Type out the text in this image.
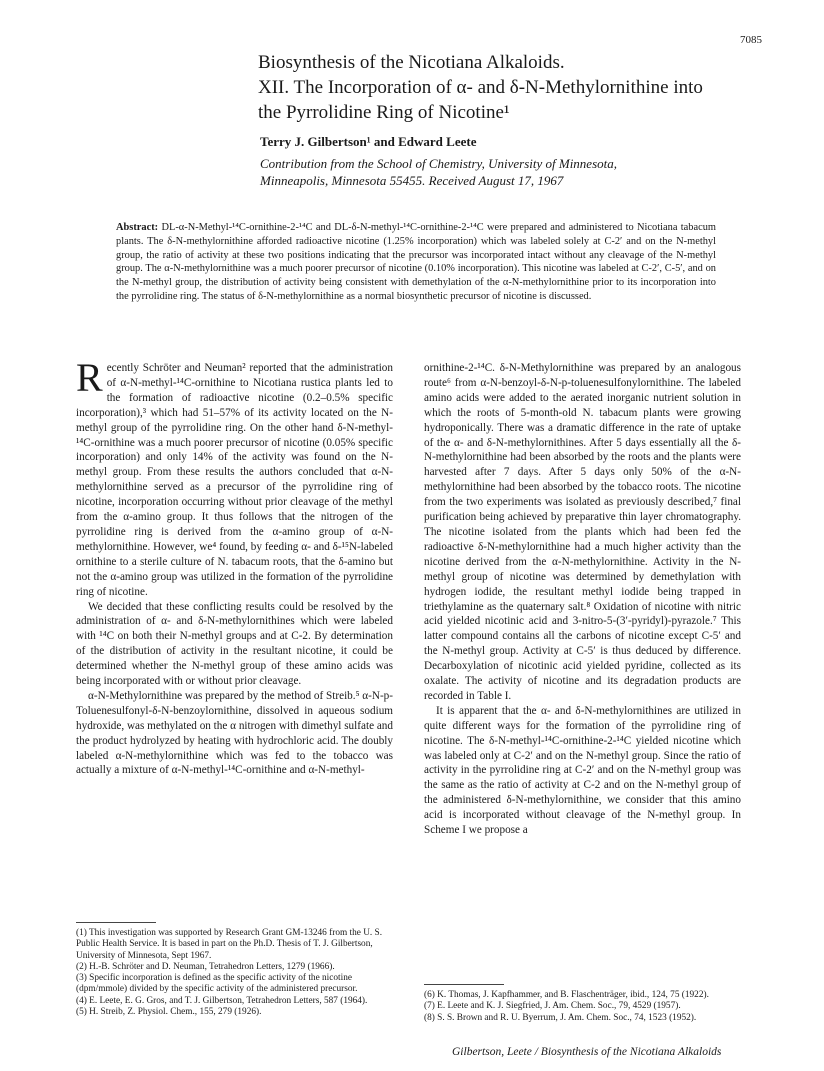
7085
Biosynthesis of the Nicotiana Alkaloids.
XII. The Incorporation of α- and δ-N-Methylornithine into
the Pyrrolidine Ring of Nicotine¹
Terry J. Gilbertson¹ and Edward Leete
Contribution from the School of Chemistry, University of Minnesota,
Minneapolis, Minnesota 55455. Received August 17, 1967
Abstract: DL-α-N-Methyl-¹⁴C-ornithine-2-¹⁴C and DL-δ-N-methyl-¹⁴C-ornithine-2-¹⁴C were prepared and administered to Nicotiana tabacum plants. The δ-N-methylornithine afforded radioactive nicotine (1.25% incorporation) which was labeled solely at C-2′ and on the N-methyl group, the ratio of activity at these two positions indicating that the precursor was incorporated intact without any cleavage of the N-methyl group. The α-N-methylornithine was a much poorer precursor of nicotine (0.10% incorporation). This nicotine was labeled at C-2′, C-5′, and on the N-methyl group, the distribution of activity being consistent with demethylation of the α-N-methylornithine prior to its incorporation into the pyrrolidine ring. The status of δ-N-methylornithine as a normal biosynthetic precursor of nicotine is discussed.

Recently Schröter and Neuman² reported that the administration of α-N-methyl-¹⁴C-ornithine to Nicotiana rustica plants led to the formation of radioactive nicotine (0.2–0.5% specific incorporation),³ which had 51–57% of its activity located on the N-methyl group of the pyrrolidine ring. On the other hand δ-N-methyl-¹⁴C-ornithine was a much poorer precursor of nicotine (0.05% specific incorporation) and only 14% of the activity was found on the N-methyl group. From these results the authors concluded that α-N-methylornithine served as a precursor of the pyrrolidine ring of nicotine, incorporation occurring without prior cleavage of the methyl from the α-amino group. It thus follows that the nitrogen of the pyrrolidine ring is derived from the α-amino group of α-N-methylornithine. However, we⁴ found, by feeding α- and δ-¹⁵N-labeled ornithine to a sterile culture of N. tabacum roots, that the δ-amino but not the α-amino group was utilized in the formation of the pyrrolidine ring of nicotine.

We decided that these conflicting results could be resolved by the administration of α- and δ-N-methylornithines which were labeled with ¹⁴C on both their N-methyl groups and at C-2. By determination of the distribution of activity in the resultant nicotine, it could be determined whether the N-methyl group of these amino acids was being incorporated with or without prior cleavage.

α-N-Methylornithine was prepared by the method of Streib.⁵ α-N-p-Toluenesulfonyl-δ-N-benzoylornithine, dissolved in aqueous sodium hydroxide, was methylated on the α nitrogen with dimethyl sulfate and the product hydrolyzed by heating with hydrochloric acid. The doubly labeled α-N-methylornithine which was fed to the tobacco was actually a mixture of α-N-methyl-¹⁴C-ornithine and α-N-methyl-

ornithine-2-¹⁴C. δ-N-Methylornithine was prepared by an analogous route⁶ from α-N-benzoyl-δ-N-p-toluenesulfonylornithine. The labeled amino acids were added to the aerated inorganic nutrient solution in which the roots of 5-month-old N. tabacum plants were growing hydroponically. There was a dramatic difference in the rate of uptake of the α- and δ-N-methylornithines. After 5 days essentially all the δ-N-methylornithine had been absorbed by the roots and the plants were harvested after 7 days. After 5 days only 50% of the α-N-methylornithine had been absorbed by the tobacco roots. The nicotine from the two experiments was isolated as previously described,⁷ final purification being achieved by preparative thin layer chromatography. The nicotine isolated from the plants which had been fed the radioactive δ-N-methylornithine had a much higher activity than the nicotine derived from the α-N-methylornithine. Activity in the N-methyl group of nicotine was determined by demethylation with hydrogen iodide, the resultant methyl iodide being trapped in triethylamine as the quaternary salt.⁸ Oxidation of nicotine with nitric acid yielded nicotinic acid and 3-nitro-5-(3′-pyridyl)-pyrazole.⁷ This latter compound contains all the carbons of nicotine except C-5′ and the N-methyl group. Activity at C-5′ is thus deduced by difference. Decarboxylation of nicotinic acid yielded pyridine, collected as its oxalate. The activity of nicotine and its degradation products are recorded in Table I.

It is apparent that the α- and δ-N-methylornithines are utilized in quite different ways for the formation of the pyrrolidine ring of nicotine. The δ-N-methyl-¹⁴C-ornithine-2-¹⁴C yielded nicotine which was labeled only at C-2′ and on the N-methyl group. Since the ratio of activity in the pyrrolidine ring at C-2′ and on the N-methyl group was the same as the ratio of activity at C-2 and on the N-methyl group of the administered δ-N-methylornithine, we consider that this amino acid is incorporated without cleavage of the N-methyl group. In Scheme I we propose a

(1) This investigation was supported by Research Grant GM-13246 from the U. S. Public Health Service. It is based in part on the Ph.D. Thesis of T. J. Gilbertson, University of Minnesota, Sept 1967.

(2) H.-B. Schröter and D. Neuman, Tetrahedron Letters, 1279 (1966).

(3) Specific incorporation is defined as the specific activity of the nicotine (dpm/mmole) divided by the specific activity of the administered precursor.

(4) E. Leete, E. G. Gros, and T. J. Gilbertson, Tetrahedron Letters, 587 (1964).

(5) H. Streib, Z. Physiol. Chem., 155, 279 (1926).

(6) K. Thomas, J. Kapfhammer, and B. Flaschenträger, ibid., 124, 75 (1922).

(7) E. Leete and K. J. Siegfried, J. Am. Chem. Soc., 79, 4529 (1957).

(8) S. S. Brown and R. U. Byerrum, J. Am. Chem. Soc., 74, 1523 (1952).

Gilbertson, Leete / Biosynthesis of the Nicotiana Alkaloids
